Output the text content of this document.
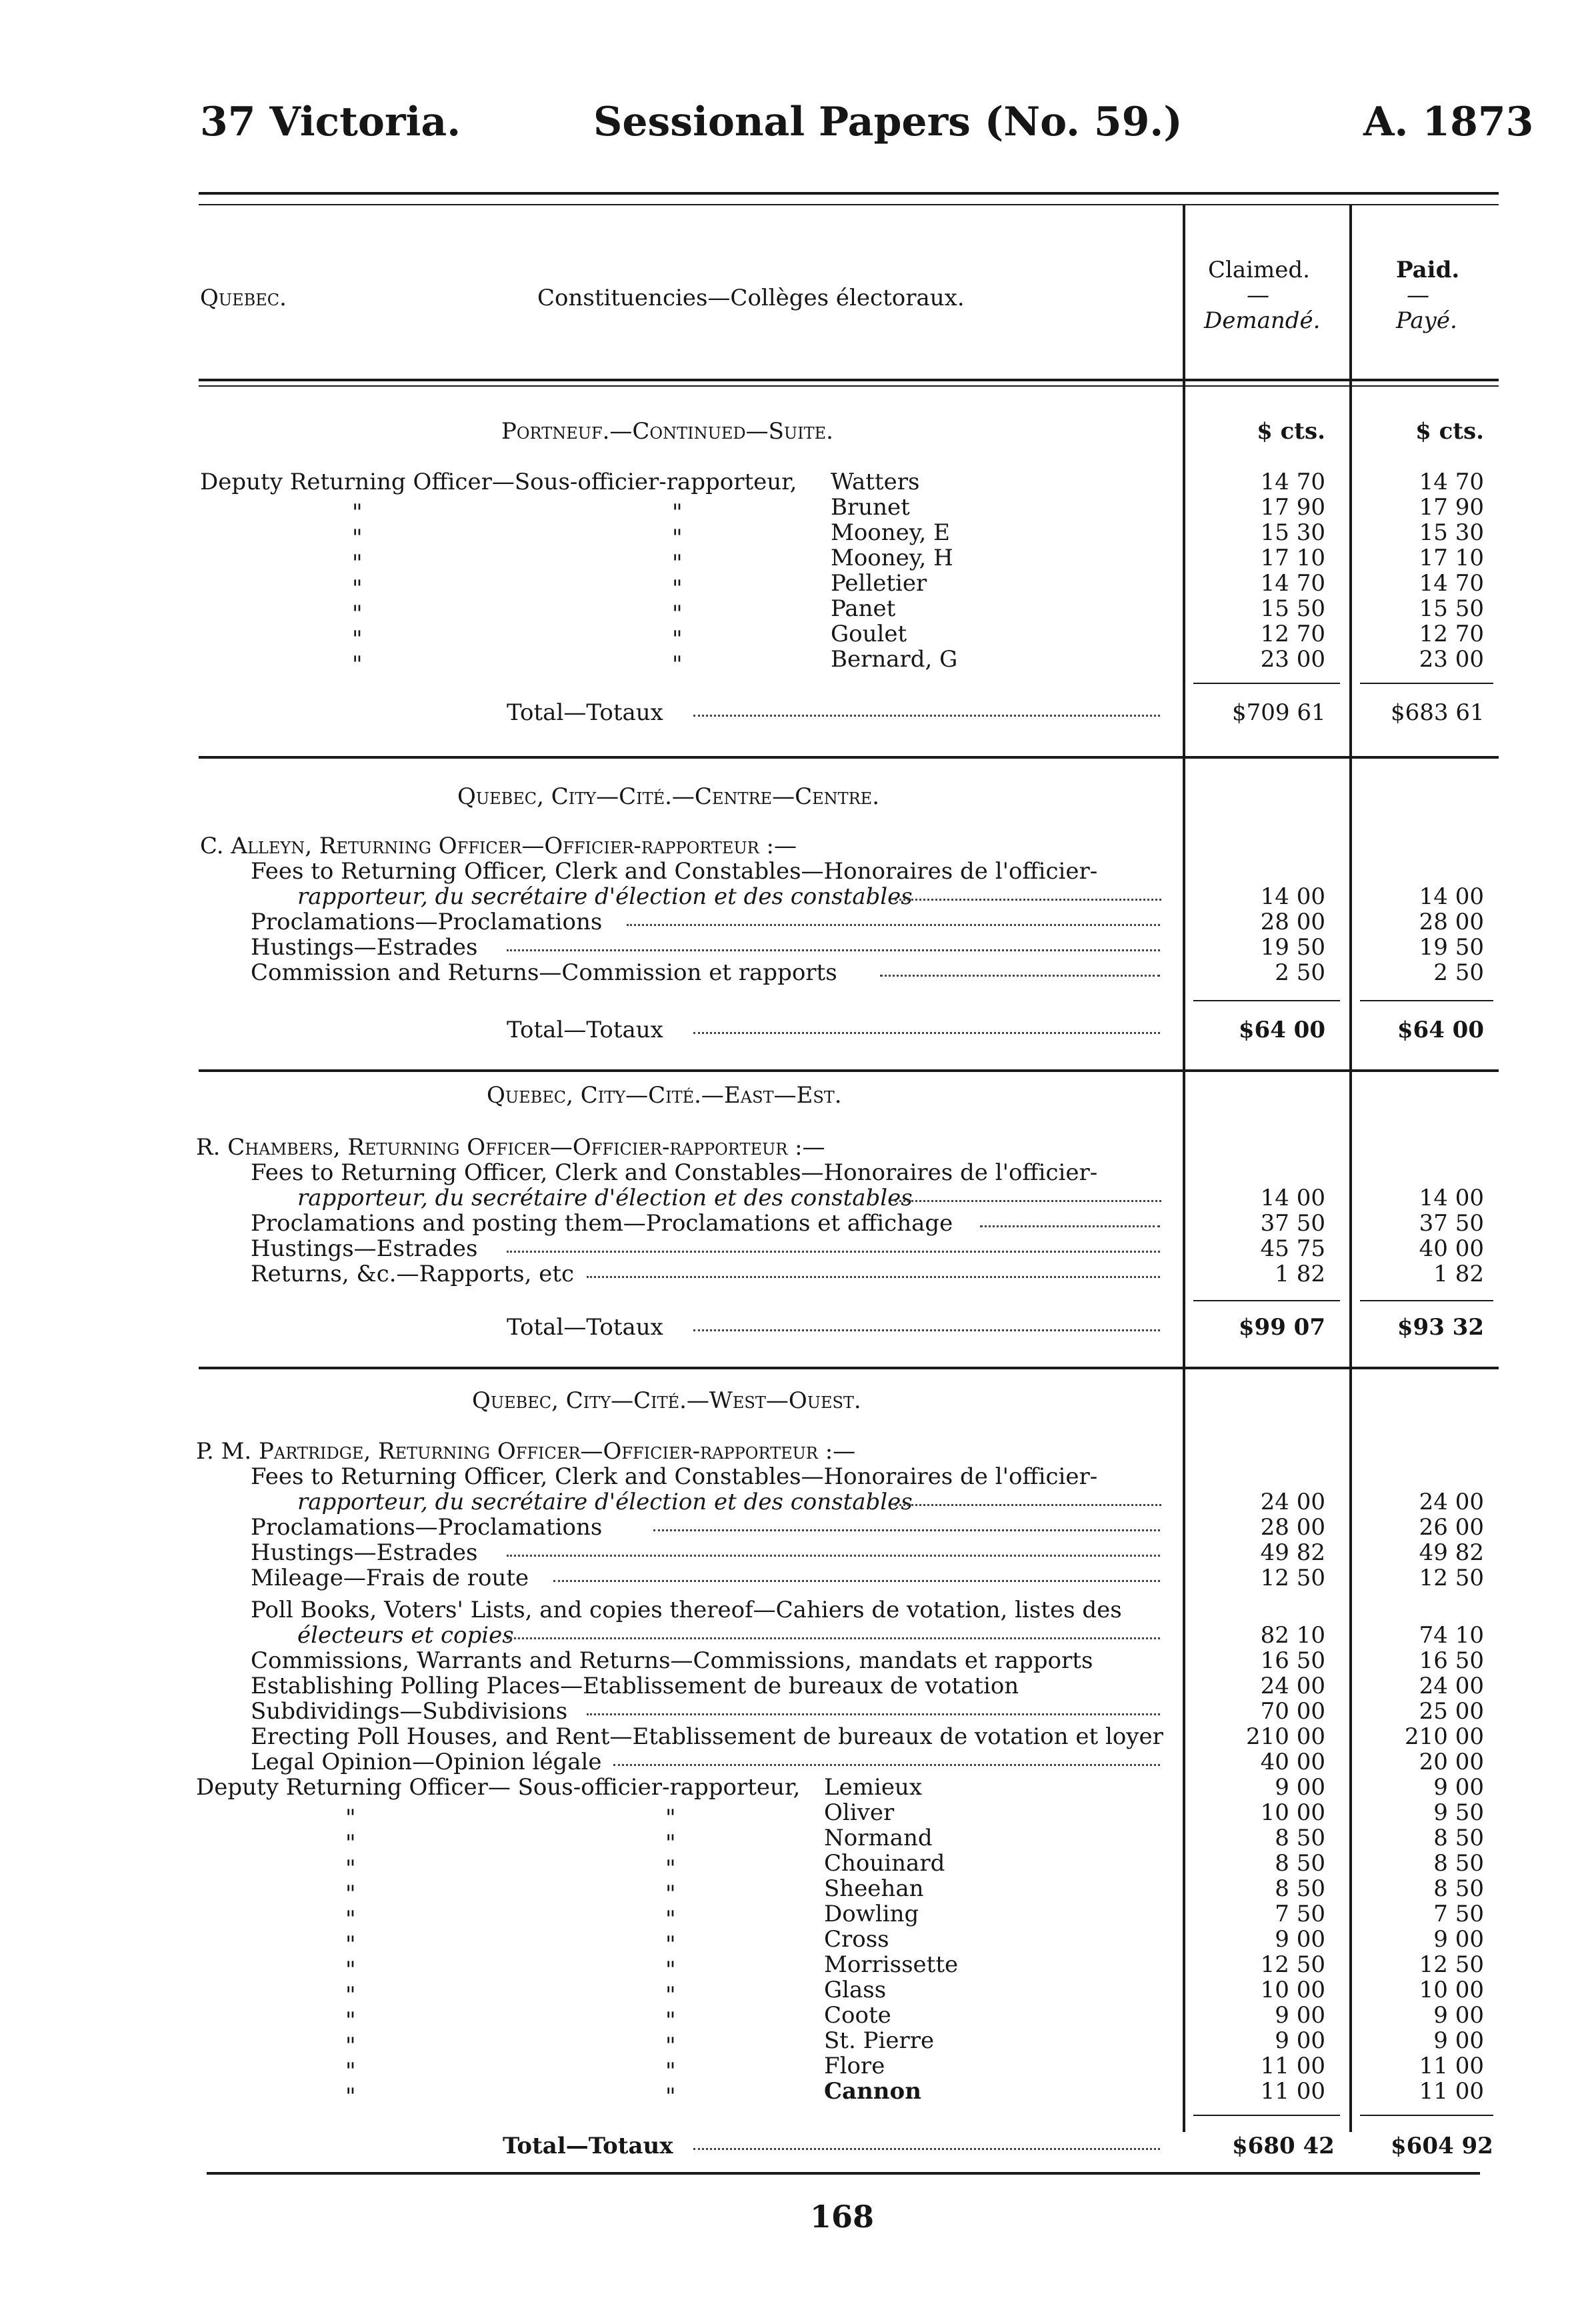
37 Victoria.	Sessional Papers (No. 59.)	A. 1873
Quebec.	Constituencies—Collèges électoraux.
Claimed.
—
Demandé.
Paid.
—
Payé.
Portneuf.—Continued—Suite.	$ cts.	$ cts.
Deputy Returning Officer—Sous-officier-rapporteur, Watters	14 70	14 70
"	"	Brunet	17 90	17 90
"	"	Mooney, E	15 30	15 30
"	"	Mooney, H	17 10	17 10
"	"	Pelletier	14 70	14 70
"	"	Panet	15 50	15 50
"	"	Goulet	12 70	12 70
"	"	Bernard, G	23 00	23 00
Total—Totaux	$709 61	$683 61
Quebec, City—Cité.—Centre—Centre.
C. Alleyn, Returning Officer—Officier-rapporteur :—
Fees to Returning Officer, Clerk and Constables—Honoraires de l'officier-
rapporteur, du secrétaire d'élection et des constables	14 00	14 00
Proclamations—Proclamations	28 00	28 00
Hustings—Estrades	19 50	19 50
Commission and Returns—Commission et rapports	2 50	2 50
Total—Totaux	$64 00	$64 00
Quebec, City—Cité.—East—Est.
R. Chambers, Returning Officer—Officier-rapporteur :—
Fees to Returning Officer, Clerk and Constables—Honoraires de l'officier-
rapporteur, du secrétaire d'élection et des constables	14 00	14 00
Proclamations and posting them—Proclamations et affichage	37 50	37 50
Hustings—Estrades	45 75	40 00
Returns, &c.—Rapports, etc	1 82	1 82
Total—Totaux	$99 07	$93 32
Quebec, City—Cité.—West—Ouest.
P. M. Partridge, Returning Officer—Officier-rapporteur :—
Fees to Returning Officer, Clerk and Constables—Honoraires de l'officier-
rapporteur, du secrétaire d'élection et des constables	24 00	24 00
Proclamations—Proclamations	28 00	26 00
Hustings—Estrades	49 82	49 82
Mileage—Frais de route	12 50	12 50
Poll Books, Voters' Lists, and copies thereof—Cahiers de votation, listes des
électeurs et copies	82 10	74 10
Commissions, Warrants and Returns—Commissions, mandats et rapports	16 50	16 50
Establishing Polling Places—Etablissement de bureaux de votation	24 00	24 00
Subdividings—Subdivisions	70 00	25 00
Erecting Poll Houses, and Rent—Etablissement de bureaux de votation et loyer	210 00	210 00
Legal Opinion—Opinion légale	40 00	20 00
Deputy Returning Officer— Sous-officier-rapporteur, Lemieux	9 00	9 00
"	"	Oliver	10 00	9 50
"	"	Normand	8 50	8 50
"	"	Chouinard	8 50	8 50
"	"	Sheehan	8 50	8 50
"	"	Dowling	7 50	7 50
"	"	Cross	9 00	9 00
"	"	Morrissette	12 50	12 50
"	"	Glass	10 00	10 00
"	"	Coote	9 00	9 00
"	"	St. Pierre	9 00	9 00
"	"	Flore	11 00	11 00
"	"	Cannon	11 00	11 00
Total—Totaux	$680 42 $604 92
168
